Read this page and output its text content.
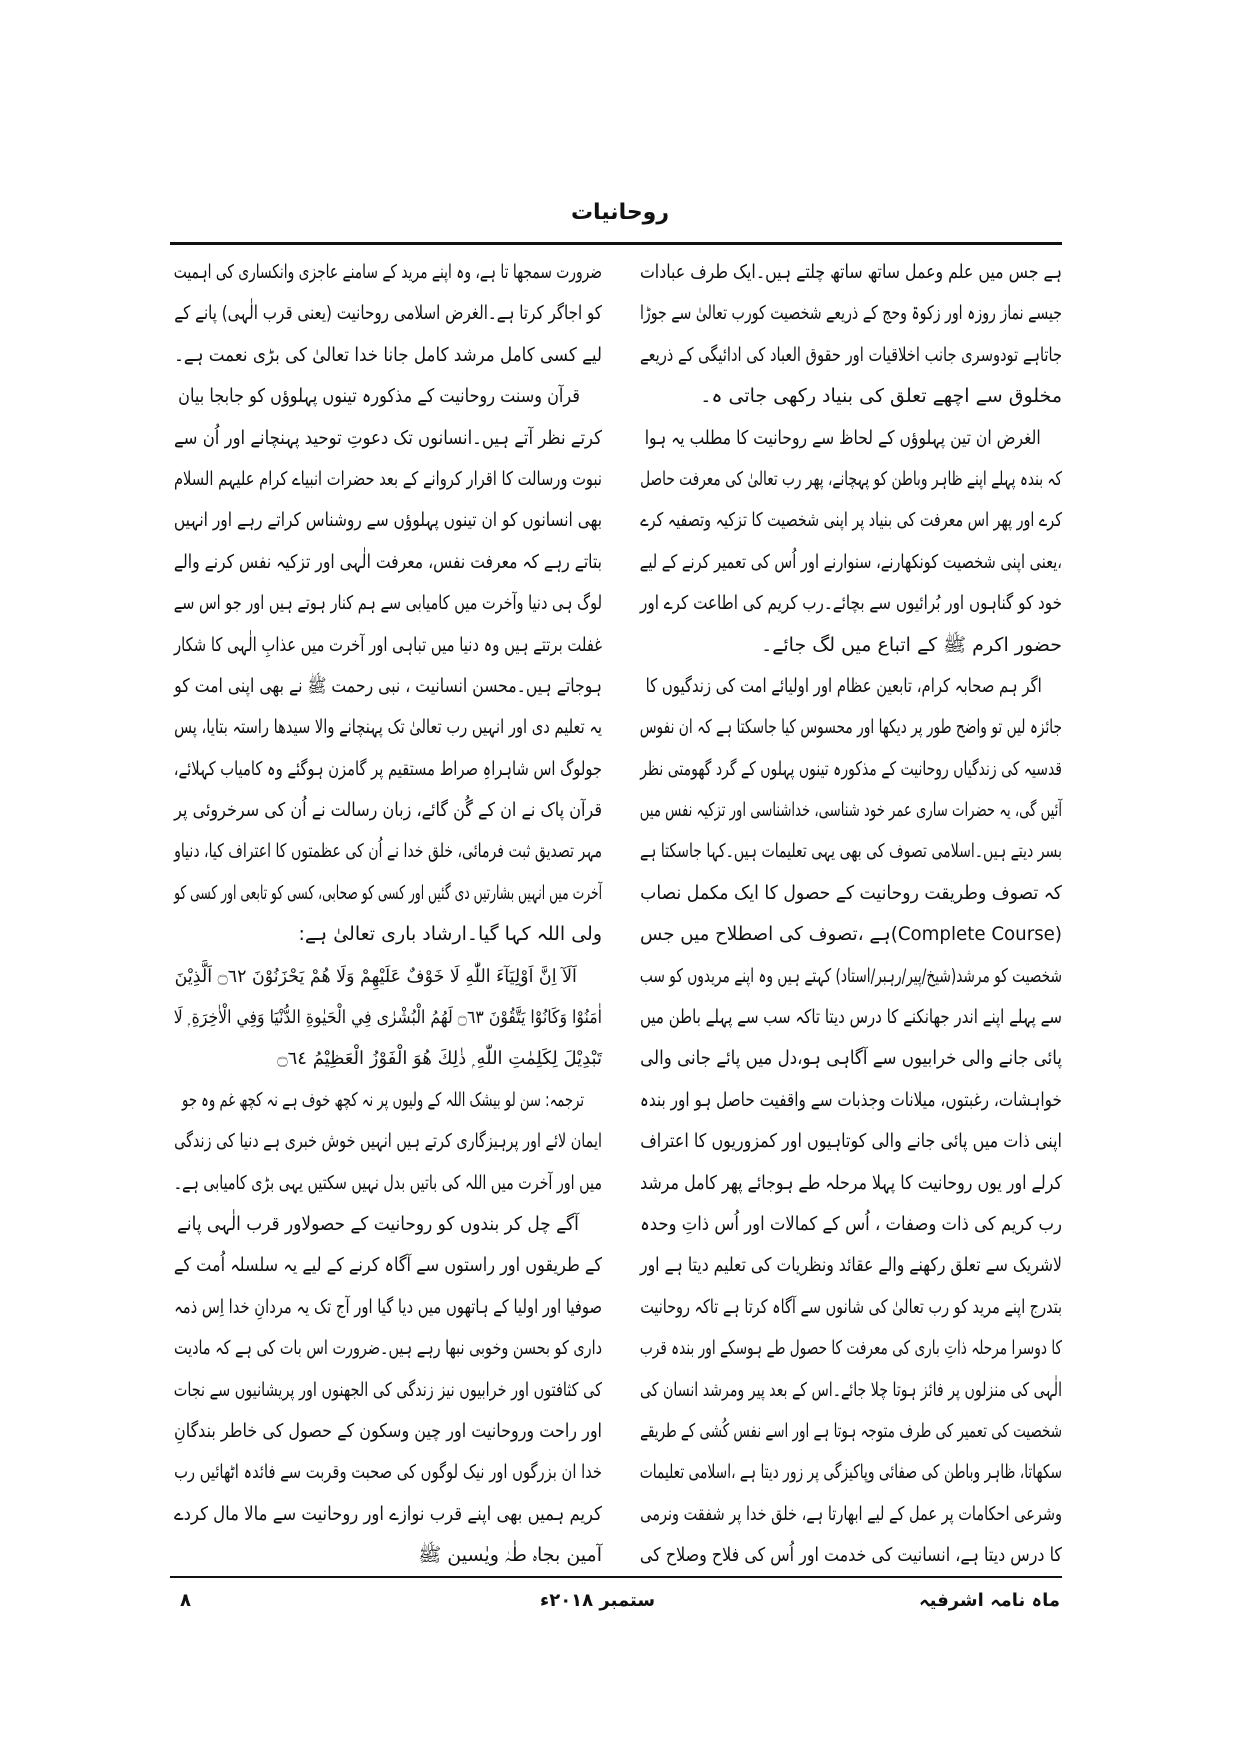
روحانیات
ہے جس میں علم وعمل ساتھ ساتھ چلتے ہیں۔ایک طرف عبادات
جیسے نماز روزہ اور زکوۃ وحج کے ذریعے شخصیت کورب تعالیٰ سے جوڑا
جاتاہے تودوسری جانب اخلاقیات اور حقوق العباد کی ادائیگی کے ذریعے
مخلوق سے اچھے تعلق کی بنیاد رکھی جاتی ہ۔
الغرض ان تین پہلوؤں کے لحاظ سے روحانیت کا مطلب یہ ہوا
کہ بندہ پہلے اپنے ظاہر وباطن کو پہچانے، پھر رب تعالیٰ کی معرفت حاصل
کرے اور پھر اس معرفت کی بنیاد پر اپنی شخصیت کا تزکیہ وتصفیہ کرے
،یعنی اپنی شخصیت کونکھارنے، سنوارنے اور اُس کی تعمیر کرنے کے لیے
خود کو گناہوں اور بُرائیوں سے بچائے۔رب کریم کی اطاعت کرے اور
حضور اکرم ﷺ کے اتباع میں لگ جائے۔
اگر ہم صحابہ کرام، تابعین عظام اور اولیائے امت کی زندگیوں کا
جائزہ لیں تو واضح طور پر دیکھا اور محسوس کیا جاسکتا ہے کہ ان نفوس
قدسیہ کی زندگیاں روحانیت کے مذکورہ تینوں پہلوں کے گرد گھومتی نظر
آئیں گی، یہ حضرات ساری عمر خود شناسی، خداشناسی اور تزکیہ نفس میں
بسر دیتے ہیں۔اسلامی تصوف کی بھی یہی تعلیمات ہیں۔کہا جاسکتا ہے
کہ تصوف وطریقت روحانیت کے حصول کا ایک مکمل نصاب
(Complete Course)ہے ،تصوف کی اصطلاح میں جس
شخصیت کو مرشد(شیخ/پیر/رہبر/استاد) کہتے ہیں وہ اپنے مریدوں کو سب
سے پہلے اپنے اندر جھانکنے کا درس دیتا تاکہ سب سے پہلے باطن میں
پائی جانے والی خرابیوں سے آگاہی ہو،دل میں پائے جانی والی
خواہشات، رغبتوں، میلانات وجذبات سے واقفیت حاصل ہو اور بندہ
اپنی ذات میں پائی جانے والی کوتاہیوں اور کمزوریوں کا اعتراف
کرلے اور یوں روحانیت کا پہلا مرحلہ طے ہوجائے پھر کامل مرشد
رب کریم کی ذات وصفات ، اُس کے کمالات اور اُس ذاتِ وحدہ
لاشریک سے تعلق رکھنے والے عقائد ونظریات کی تعلیم دیتا ہے اور
بتدرج اپنے مرید کو رب تعالیٰ کی شانوں سے آگاہ کرتا ہے تاکہ روحانیت
کا دوسرا مرحلہ ذاتِ باری کی معرفت کا حصول طے ہوسکے اور بندہ قرب
الٰہی کی منزلوں پر فائز ہوتا چلا جائے۔اس کے بعد پیر ومرشد انسان کی
شخصیت کی تعمیر کی طرف متوجہ ہوتا ہے اور اسے نفس کُشی کے طریقے
سکھاتا، ظاہر وباطن کی صفائی وپاکیزگی پر زور دیتا ہے ،اسلامی تعلیمات
وشرعی احکامات پر عمل کے لیے ابھارتا ہے، خلق خدا پر شفقت ونرمی
کا درس دیتا ہے، انسانیت کی خدمت اور اُس کی فلاح وصلاح کی
ضرورت سمجھا تا ہے، وہ اپنے مرید کے سامنے عاجزی وانکساری کی اہمیت
کو اجاگر کرتا ہے۔الغرض اسلامی روحانیت (یعنی قرب الٰہی) پانے کے
لیے کسی کامل مرشد کامل جانا خدا تعالیٰ کی بڑی نعمت ہے۔
قرآن وسنت روحانیت کے مذکورہ تینوں پہلوؤں کو جابجا بیان
کرتے نظر آتے ہیں۔انسانوں تک دعوتِ توحید پہنچانے اور اُن سے
نبوت ورسالت کا اقرار کروانے کے بعد حضرات انبیاے کرام علیہم السلام
بھی انسانوں کو ان تینوں پہلوؤں سے روشناس کراتے رہے اور انہیں
بتاتے رہے کہ معرفت نفس، معرفت الٰہی اور تزکیہ نفس کرنے والے
لوگ ہی دنیا وآخرت میں کامیابی سے ہم کنار ہوتے ہیں اور جو اس سے
غفلت برتتے ہیں وہ دنیا میں تباہی اور آخرت میں عذابِ الٰہی کا شکار
ہوجاتے ہیں۔محسن انسانیت ، نبی رحمت ﷺ نے بھی اپنی امت کو
یہ تعلیم دی اور انہیں رب تعالیٰ تک پہنچانے والا سیدھا راستہ بتایا، پس
جولوگ اس شاہراہِ صراط مستقیم پر گامزن ہوگئے وہ کامیاب کہلائے،
قرآن پاک نے ان کے گُن گائے، زبان رسالت نے اُن کی سرخروئی پر
مہر تصدیق ثبت فرمائی، خلق خدا نے اُن کی عظمتوں کا اعتراف کیا، دنیاو
آخرت میں انہیں بشارتیں دی گئیں اور کسی کو صحابی، کسی کو تابعی اور کسی کو
ولی اللہ کہا گیا۔ارشاد باری تعالیٰ ہے:
اَلَآ اِنَّ اَوْلِيَآءَ اللّٰهِ لَا خَوْفٌ عَلَيْهِمْ وَلَا هُمْ يَحْزَنُوْنَ ۝٦٢ اَلَّذِيْنَ
اٰمَنُوْا وَكَانُوْا يَتَّقُوْنَ ۝٦٣ لَهُمُ الْبُشْرٰى فِي الْحَيٰوةِ الدُّنْيَا وَفِي الْاٰخِرَةِ ۭ لَا
تَبْدِيْلَ لِكَلِمٰتِ اللّٰهِ ۭ ذٰلِكَ هُوَ الْفَوْزُ الْعَظِيْمُ ۝٦٤
ترجمہ: سن لو بیشک اللہ کے ولیوں پر نہ کچھ خوف ہے نہ کچھ غم وہ جو
ایمان لائے اور پرہیزگاری کرتے ہیں انہیں خوش خبری ہے دنیا کی زندگی
میں اور آخرت میں اللہ کی باتیں بدل نہیں سکتیں یہی بڑی کامیابی ہے۔
آگے چل کر بندوں کو روحانیت کے حصولاور قرب الٰہی پانے
کے طریقوں اور راستوں سے آگاہ کرنے کے لیے یہ سلسلہ اُمت کے
صوفیا اور اولیا کے ہاتھوں میں دیا گیا اور آج تک یہ مردانِ خدا اِس ذمہ
داری کو بحسن وخوبی نبھا رہے ہیں۔ضرورت اس بات کی ہے کہ مادیت
کی کثافتوں اور خرابیوں نیز زندگی کی الجھنوں اور پریشانیوں سے نجات
اور راحت وروحانیت اور چین وسکون کے حصول کی خاطر بندگانِ
خدا ان بزرگوں اور نیک لوگوں کی صحبت وقربت سے فائدہ اٹھائیں رب
کریم ہمیں بھی اپنے قرب نوازے اور روحانیت سے مالا مال کردے
آمین بجاہ طٰہٰ ویٰسین ﷺ
ماہ نامہ اشرفیہ
ستمبر ۲۰۱۸ء
۸
